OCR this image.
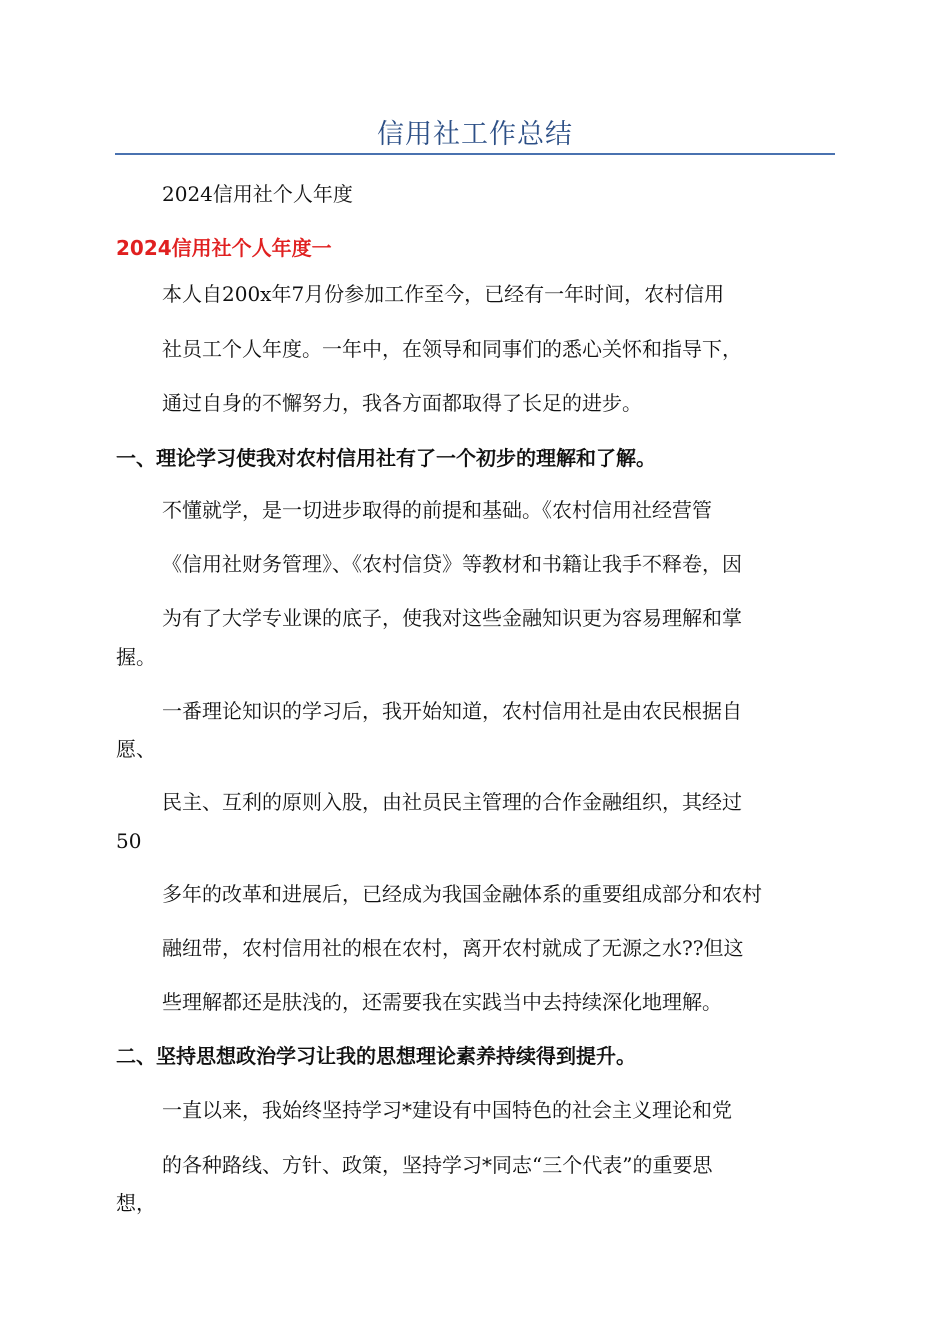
信用社工作总结
2024信用社个人年度
2024信用社个人年度一
本人自200x年7月份参加工作至今，已经有一年时间，农村信用
社员工个人年度。一年中，在领导和同事们的悉心关怀和指导下，
通过自身的不懈努力，我各方面都取得了长足的进步。
一、理论学习使我对农村信用社有了一个初步的理解和了解。
不懂就学，是一切进步取得的前提和基础。《农村信用社经营管
《信用社财务管理》、《农村信贷》等教材和书籍让我手不释卷，因
为有了大学专业课的底子，使我对这些金融知识更为容易理解和掌
握。
一番理论知识的学习后，我开始知道，农村信用社是由农民根据自
愿、
民主、互利的原则入股，由社员民主管理的合作金融组织，其经过
50
多年的改革和进展后，已经成为我国金融体系的重要组成部分和农村
融纽带，农村信用社的根在农村，离开农村就成了无源之水??但这
些理解都还是肤浅的，还需要我在实践当中去持续深化地理解。
二、坚持思想政治学习让我的思想理论素养持续得到提升。
一直以来，我始终坚持学习*建设有中国特色的社会主义理论和党
的各种路线、方针、政策，坚持学习*同志“三个代表”的重要思
想，
